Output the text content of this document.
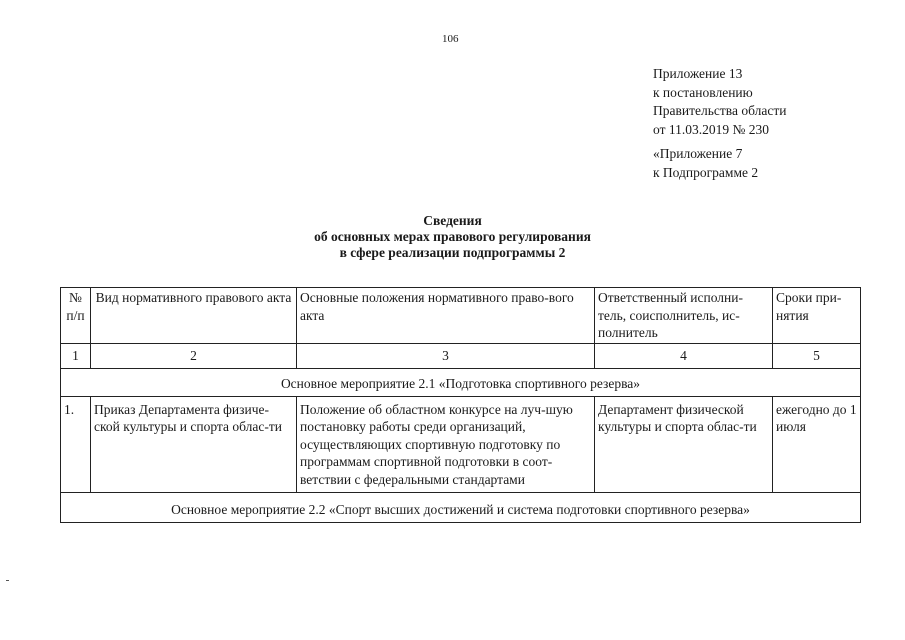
106
Приложение 13
к постановлению
Правительства области
от 11.03.2019 № 230
«Приложение 7
к Подпрограмме 2
Сведения
об основных мерах правового регулирования
в сфере реализации подпрограммы 2
№ п/п	Вид нормативного правового акта	Основные положения нормативного право-вого акта	Ответственный исполни-тель, соисполнитель, ис-полнитель	Сроки при-нятия
1	2	3	4	5
Основное мероприятие 2.1 «Подготовка спортивного резерва»				
1.	Приказ Департамента физиче-ской культуры и спорта облас-ти	Положение об областном конкурсе на луч-шую постановку работы среди организаций, осуществляющих спортивную подготовку по программам спортивной подготовки в соот-ветствии с федеральными стандартами	Департамент физической культуры и спорта облас-ти	ежегодно до 1 июля
Основное мероприятие 2.2 «Спорт высших достижений и система подготовки спортивного резерва»				
